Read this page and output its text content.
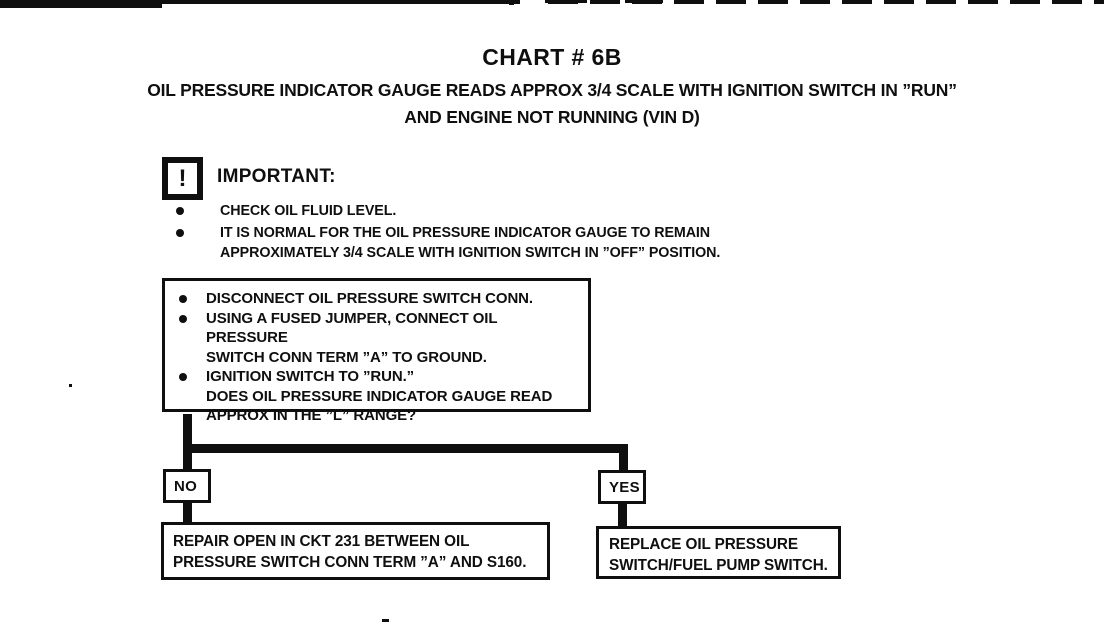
CHART # 6B
OIL PRESSURE INDICATOR GAUGE READS APPROX 3/4 SCALE WITH IGNITION SWITCH IN ”RUN”
AND ENGINE NOT RUNNING (VIN D)
! IMPORTANT:
CHECK OIL FLUID LEVEL.
IT IS NORMAL FOR THE OIL PRESSURE INDICATOR GAUGE TO REMAIN
APPROXIMATELY 3/4 SCALE WITH IGNITION SWITCH IN ”OFF” POSITION.
DISCONNECT OIL PRESSURE SWITCH CONN.
USING A FUSED JUMPER, CONNECT OIL PRESSURE
SWITCH CONN TERM ”A” TO GROUND.
IGNITION SWITCH TO ”RUN.”
DOES OIL PRESSURE INDICATOR GAUGE READ
APPROX IN THE ”L” RANGE?
NO	YES
REPAIR OPEN IN CKT 231 BETWEEN OIL
PRESSURE SWITCH CONN TERM ”A” AND S160.
REPLACE OIL PRESSURE
SWITCH/FUEL PUMP SWITCH.
